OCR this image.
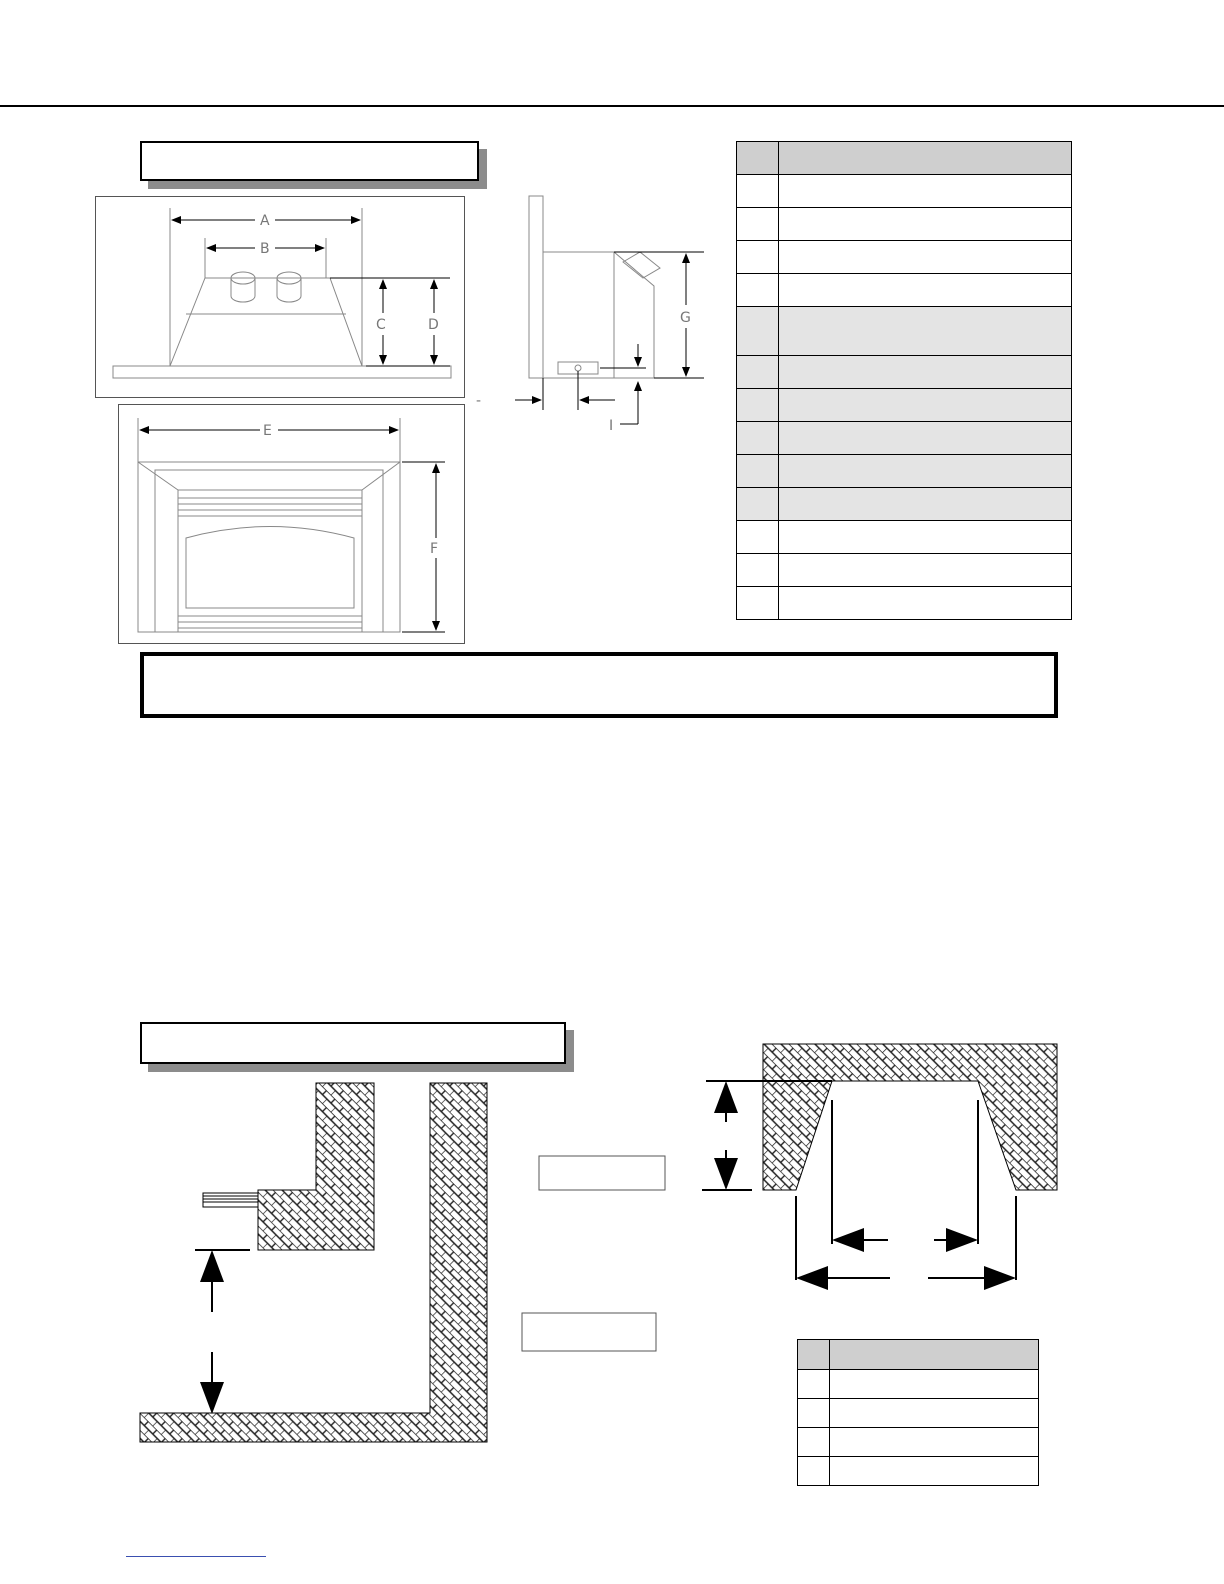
A
B
C	D
E
F
G
-
I
